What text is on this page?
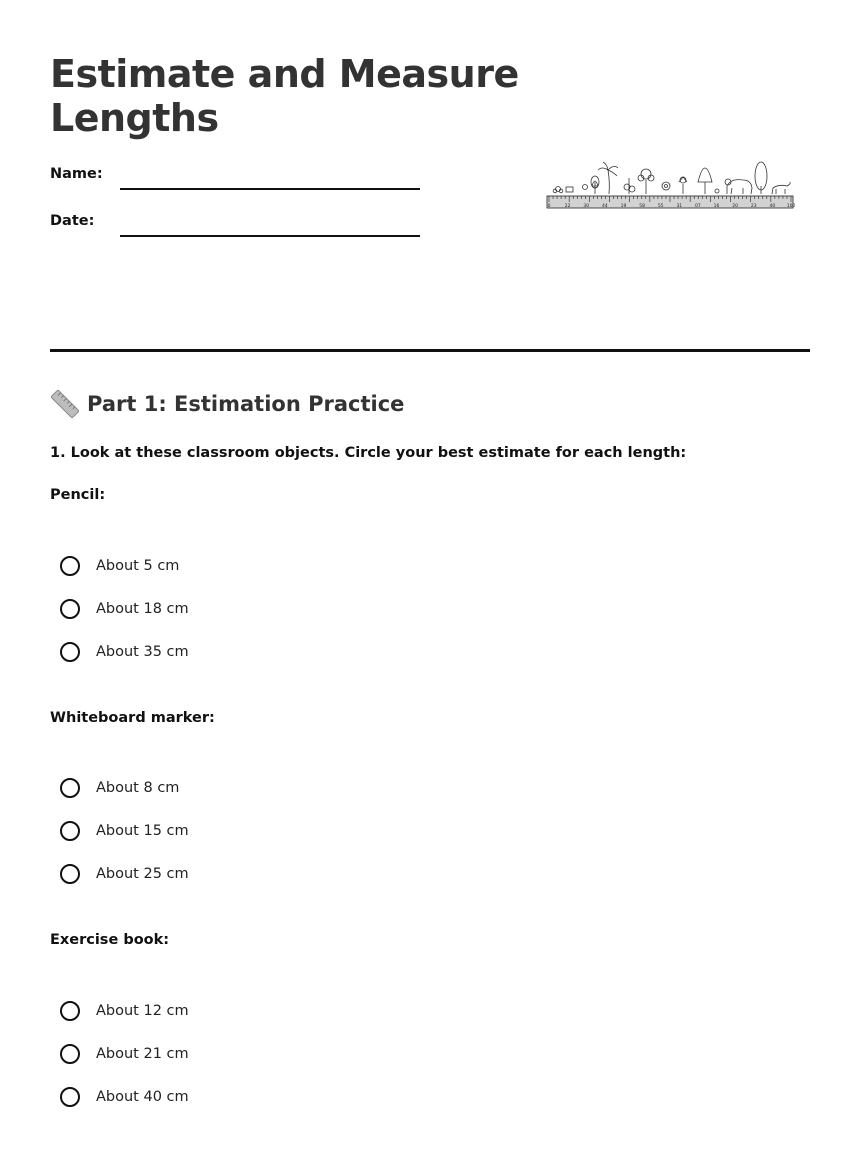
Estimate and Measure
Lengths
Name:
Date:
0	22	30	44	19	58	55	31	07	16	20	23	40	100
Part 1: Estimation Practice
1. Look at these classroom objects. Circle your best estimate for each length:
Pencil:
About 5 cm
About 18 cm
About 35 cm
Whiteboard marker:
About 8 cm
About 15 cm
About 25 cm
Exercise book:
About 12 cm
About 21 cm
About 40 cm
